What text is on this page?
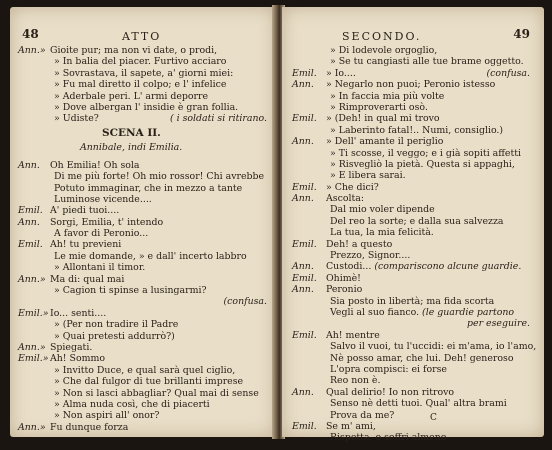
48	ATTO
Ann.» Gioite pur; ma non vi date, o prodi,
» In balia del piacer. Furtivo acciaro
» Sovrastava, il sapete, a' giorni miei:
» Fu mal diretto il colpo; e l' infelice
» Aderbale peri. L' armi deporre
» Dove albergan l' insidie è gran follia.
» Udiste?	( i soldati si ritirano.
SCENA II.
Annibale, indi Emilia.
Ann. Oh Emilia! Oh sola
Di me più forte! Oh mio rossor! Chi avrebbe
Potuto immaginar, che in mezzo a tante
Luminose vicende....
Emil. A' piedi tuoi....
Ann. Sorgi, Emilia, t' intendo
A favor di Peronio...
Emil. Ah! tu previeni
Le mie domande, » e dall' incerto labbro
» Allontani il timor.
Ann.» Ma di: qual mai
» Cagion ti spinse a lusingarmi?
(confusa.
Emil.» Io... senti....
» (Per non tradire il Padre
» Quai pretesti addurrò?)
Ann.» Spiegati.
Emil.» Ah! Sommo
» Invitto Duce, e qual sarà quel ciglio,
» Che dal fulgor di tue brillanti imprese
» Non si lasci abbagliar? Qual mai di sense
» Alma nuda così, che di piacerti
» Non aspiri all' onor?
Ann.» Fu dunque forza
SECONDO.	49
» Di lodevole orgoglio,
» Se tu cangiasti alle tue brame oggetto.
Emil. » Io....	(confusa.
Ann. » Negarlo non puoi; Peronio istesso
» In faccia mia più volte
» Rimproverarti osò.
Emil. » (Deh! in qual mi trovo
» Laberinto fatal!.. Numi, consiglio.)
Ann. » Dell' amante il periglio
» Ti scosse, il veggo; e i già sopiti affetti
» Risvegliò la pietà. Questa si appaghi,
» E libera sarai.
Emil. » Che dici?
Ann. Ascolta:
Dal mio voler dipende
Del reo la sorte; e dalla sua salvezza
La tua, la mia felicità.
Emil. Deh! a questo
Prezzo, Signor....
Ann. Custodi... (compariscono alcune guardie.
Emil. Ohimè!
Ann. Peronio
Sia posto in libertà; ma fida scorta
Vegli al suo fianco. (le guardie partono
per eseguire.
Emil. Ah! mentre
Salvo il vuoi, tu l'uccidi: ei m'ama, io l'amo,
Nè posso amar, che lui. Deh! generoso
L'opra compisci: ei forse
Reo non è.
Ann. Qual delirio! Io non ritrovo
Senso nè detti tuoi. Qual' altra brami
Prova da me?
Emil. Se m' ami,
Rispetta, o soffri almeno
C
